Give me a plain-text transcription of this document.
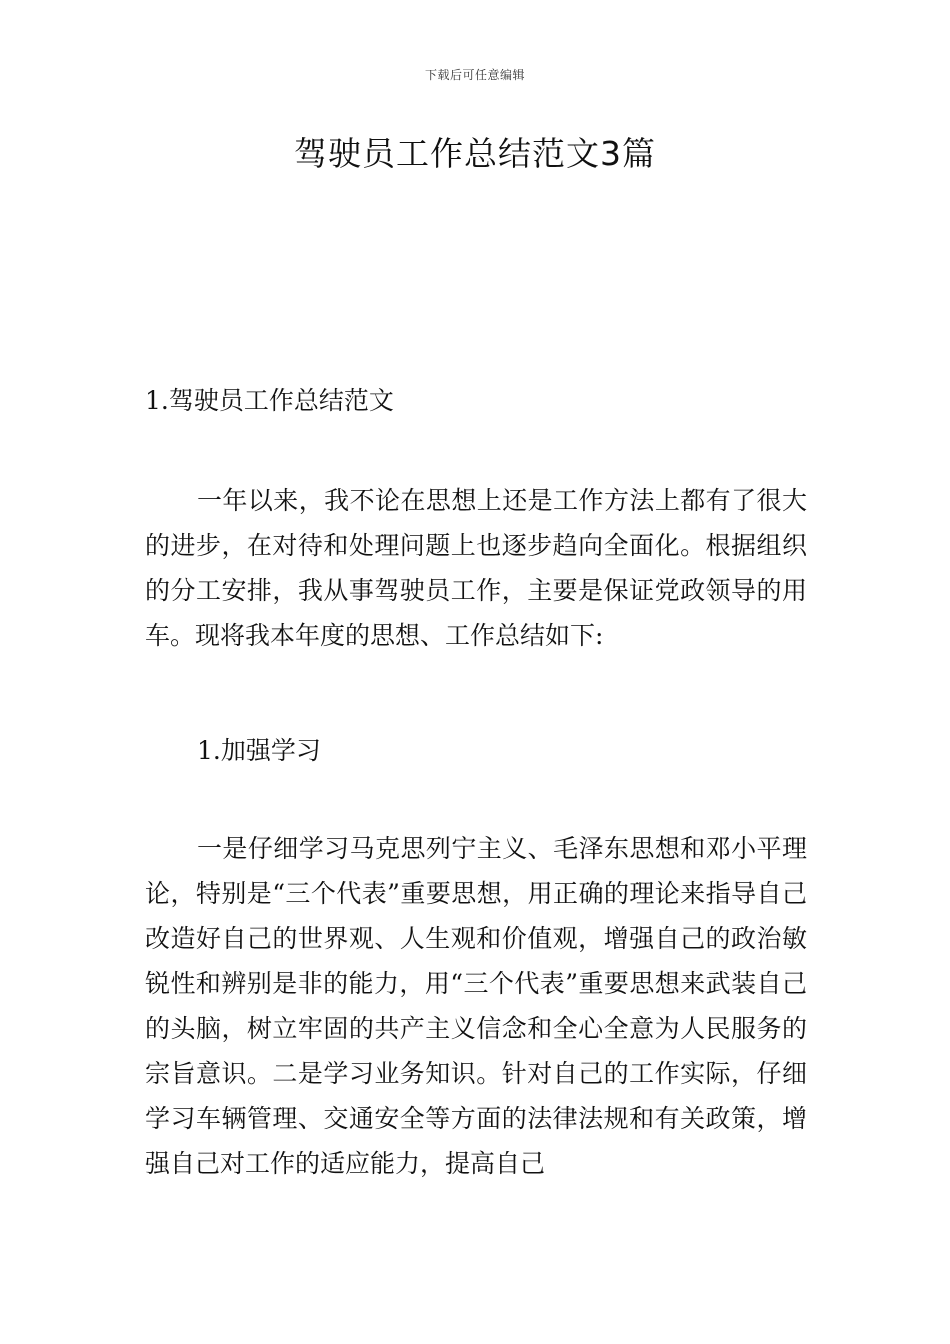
下载后可任意编辑
驾驶员工作总结范文3篇

1.驾驶员工作总结范文

一年以来，我不论在思想上还是工作方法上都有了很大的进步，在对待和处理问题上也逐步趋向全面化。根据组织的分工安排，我从事驾驶员工作，主要是保证党政领导的用车。现将我本年度的思想、工作总结如下:

1.加强学习

一是仔细学习马克思列宁主义、毛泽东思想和邓小平理论，特别是“三个代表”重要思想，用正确的理论来指导自己改造好自己的世界观、人生观和价值观，增强自己的政治敏锐性和辨别是非的能力，用“三个代表”重要思想来武装自己的头脑，树立牢固的共产主义信念和全心全意为人民服务的宗旨意识。二是学习业务知识。针对自己的工作实际，仔细学习车辆管理、交通安全等方面的法律法规和有关政策，增强自己对工作的适应能力，提高自己
